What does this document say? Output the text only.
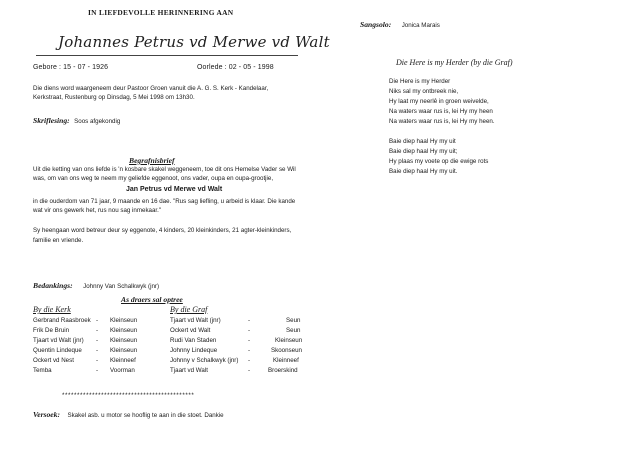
IN LIEFDEVOLLE HERINNERING AAN
Johannes Petrus vd Merwe vd Walt
Gebore : 15 - 07 - 1926	Oorlede : 02 - 05 - 1998
Die diens word waargeneem deur Pastoor Groen vanuit die A. G. S. Kerk - Kandelaar,
Kerkstraat, Rustenburg op Dinsdag, 5 Mei 1998 om 13h30.
Skriflesing: Soos afgekondig
Begrafnisbrief
Uit die ketting van ons liefde is 'n kosbare skakel weggeneem, toe dit ons Hemelse Vader se Wil
was, om van ons weg te neem my geliefde eggenoot, ons vader, oupa en oupa-grootjie,
Jan Petrus vd Merwe vd Walt
in die ouderdom van 71 jaar, 9 maande en 16 dae. "Rus sag liefling, u arbeid is klaar. Die kande
wat vir ons gewerk het, rus nou sag inmekaar."
Sy heengaan word betreur deur sy eggenote, 4 kinders, 20 kleinkinders, 21 agter-kleinkinders,
familie en vriende.
Bedankings: Johnny Van Schalkwyk (jnr)
As draers sal optree
By die Kerk	By die Graf
Gerbrand Raasbroek - Kleinseun
Frik De Bruin	- Kleinseun
Tjaart vd Walt (jnr) - Kleinseun
Quentin Lindeque - Kleinseun
Ockert vd Nest	- Kleinneef
Temba	- Voorman
Tjaart vd Walt (jnr)	-	Seun
Ockert vd Walt	-	Seun
Rudi Van Staden	-	Kleinseun
Johnny Lindeque	-	Skoonseun
Johnny v Schalkwyk (jnr) -	Kleinneef
Tjaart vd Walt	-	Broerskind
********************************************
Versoek: Skakel asb. u motor se hooflig te aan in die stoet. Dankie
Sangsolo: Jonica Marais
Die Here is my Herder (by die Graf)
Die Here is my Herder
Niks sal my ontbreek nie,
Hy laat my neerlê in groen weivelde,
Na waters waar rus is, lei Hy my heen
Na waters waar rus is, lei Hy my heen.
Baie diep haal Hy my uit
Baie diep haal Hy my uit;
Hy plaas my voete op die ewige rots
Baie diep haal Hy my uit.
